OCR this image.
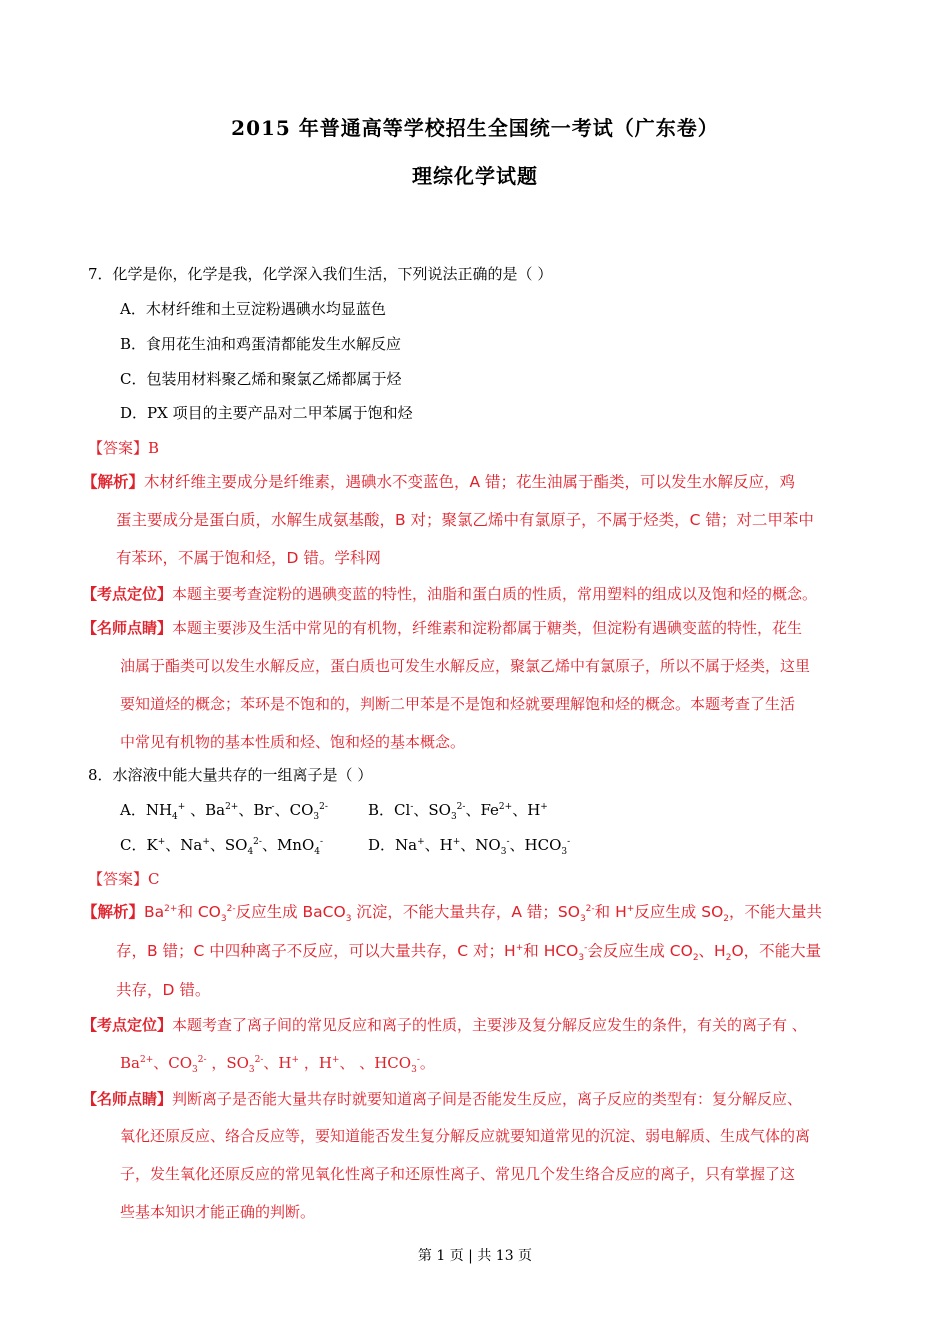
2015 年普通高等学校招生全国统一考试（广东卷）
理综化学试题
7．化学是你，化学是我，化学深入我们生活，下列说法正确的是（ ）
A．木材纤维和土豆淀粉遇碘水均显蓝色
B．食用花生油和鸡蛋清都能发生水解反应
C．包装用材料聚乙烯和聚氯乙烯都属于烃
D．PX 项目的主要产品对二甲苯属于饱和烃
【答案】B
【解析】木材纤维主要成分是纤维素，遇碘水不变蓝色，A 错；花生油属于酯类，可以发生水解反应，鸡
蛋主要成分是蛋白质，水解生成氨基酸，B 对；聚氯乙烯中有氯原子，不属于烃类，C 错；对二甲苯中
有苯环，不属于饱和烃，D 错。学科网
【考点定位】本题主要考查淀粉的遇碘变蓝的特性，油脂和蛋白质的性质，常用塑料的组成以及饱和烃的概念。
【名师点睛】本题主要涉及生活中常见的有机物，纤维素和淀粉都属于糖类，但淀粉有遇碘变蓝的特性，花生
油属于酯类可以发生水解反应，蛋白质也可发生水解反应，聚氯乙烯中有氯原子，所以不属于烃类，这里
要知道烃的概念；苯环是不饱和的，判断二甲苯是不是饱和烃就要理解饱和烃的概念。本题考查了生活
中常见有机物的基本性质和烃、饱和烃的基本概念。
8．水溶液中能大量共存的一组离子是（ ）
A．$NH_4^+$ 、$Ba^{2+}$、Br-、$CO_3^{2-}$	B．Cl-、$SO_3^{2-}$、$Fe^{2+}$、H+
C．K+、Na+、$SO_4^{2-}$、MnO$_4$-	D．Na+、H+、$NO_3^-$、$HCO_3^-$
【答案】C
【解析】$Ba^{2+}$和 $CO_3^{2-}$反应生成 BaCO$_3$ 沉淀，不能大量共存，A 错；$SO_3^{2-}$和 H+反应生成 $SO_2$，不能大量共
存，B 错；C 中四种离子不反应，可以大量共存，C 对；H+和 $HCO_3^-$会反应生成 $CO_2$、$H_2O$，不能大量
共存，D 错。
【考点定位】本题考查了离子间的常见反应和离子的性质，主要涉及复分解反应发生的条件，有关的离子有 、
$Ba^{2+}$、$CO_3^{2-}$ ，$SO_3^{2-}$、H+ ，H+、 、$HCO_3^-$。
【名师点睛】判断离子是否能大量共存时就要知道离子间是否能发生反应，离子反应的类型有：复分解反应、
氧化还原反应、络合反应等，要知道能否发生复分解反应就要知道常见的沉淀、弱电解质、生成气体的离
子，发生氧化还原反应的常见氧化性离子和还原性离子、常见几个发生络合反应的离子，只有掌握了这
些基本知识才能正确的判断。
第 1 页 | 共 13 页
